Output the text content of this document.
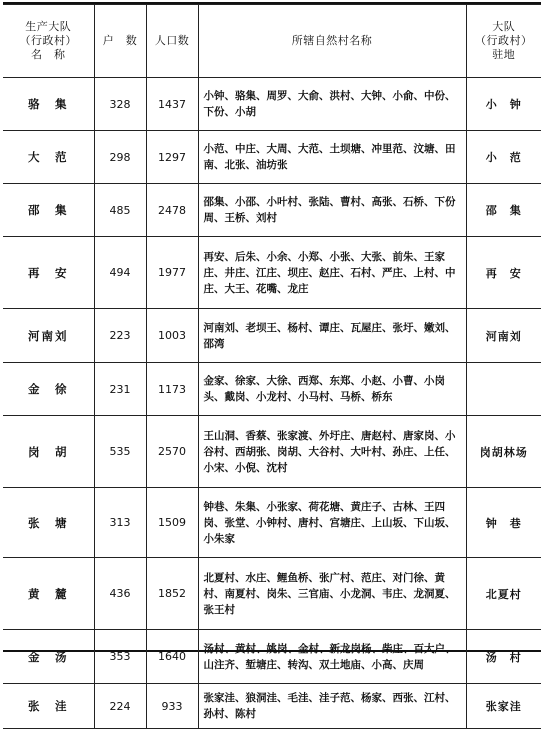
生产大队
（行政村）
名　称	户　数	人口数	所辖自然村名称	大队
（行政村）
驻地

骆　集	328	1437	小钟、骆集、周罗、大俞、洪村、大钟、小俞、中份、下份、小胡	小　钟
大　范	298	1297	小范、中庄、大周、大范、土坝塘、冲里范、汶塘、田南、北张、油坊张	小　范
邵　集	485	2478	邵集、小邵、小叶村、张陆、曹村、高张、石桥、下份周、王桥、刘村	邵　集
再　安	494	1977	再安、后朱、小余、小郑、小张、大张、前朱、王家庄、井庄、江庄、坝庄、赵庄、石村、严庄、上村、中庄、大王、花嘴、龙庄	再　安
河南刘	223	1003	河南刘、老坝王、杨村、谭庄、瓦屋庄、张圩、嫩刘、邵湾	河南刘
金　徐	231	1173	金家、徐家、大徐、西郑、东郑、小赵、小曹、小岗头、戴岗、小龙村、小马村、马桥、桥东	
岗　胡	535	2570	王山洞、香蔡、张家渡、外圩庄、唐赵村、唐家岗、小谷村、西胡张、岗胡、大谷村、大叶村、孙庄、上任、小宋、小倪、沈村	岗胡林场
张　塘	313	1509	钟巷、朱集、小张家、荷花塘、黄庄子、古林、王四岗、张堂、小钟村、唐村、宫塘庄、上山坂、下山坂、小朱家	钟　巷
黄　麓	436	1852	北夏村、水庄、鲤鱼桥、张广村、范庄、对门徐、黄村、南夏村、岗朱、三官庙、小龙洞、韦庄、龙洞夏、张王村	北夏村
金　汤	353	1640	汤村、黄村、姚岗、金村、新龙岗杨、柴庄、百大户、山注齐、堑塘庄、转沟、双土地庙、小高、庆周	汤　村
张　洼	224	933	张家洼、狼洞洼、毛洼、洼子范、杨家、西张、江村、孙村、陈村	张家洼
